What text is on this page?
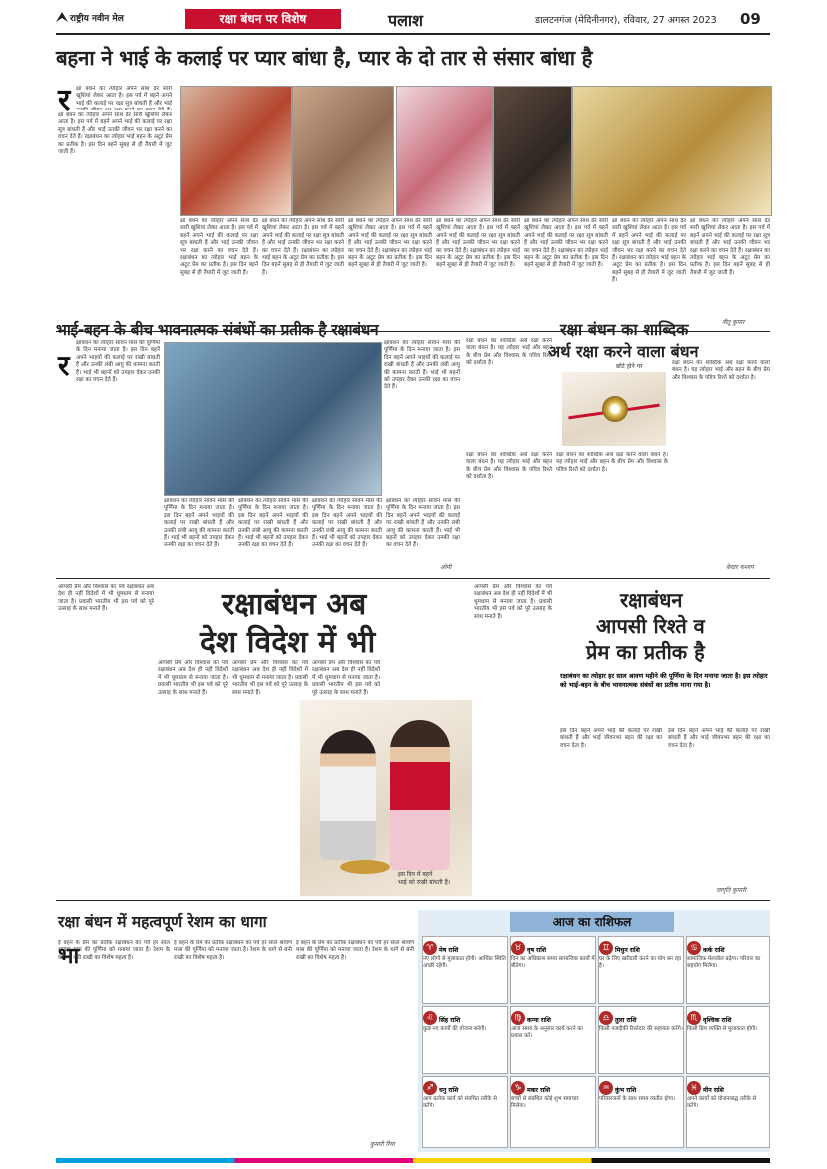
राष्ट्रीय नवीन मेल	रक्षा बंधन पर विशेष	पलाश	डालटनगंज (मेदिनीनगर), रविवार, 27 अगस्त 2023 09
बहना ने भाई के कलाई पर प्यार बांधा है, प्यार के दो तार से संसार बांधा है
र क्षा बंधन का त्योहार अपने साथ ढेर सारी खुशियां लेकर आता है। इस पर्व में बहनें अपने भाई की कलाई पर रक्षा सूत्र बांधती हैं और भाई
क्षा बंधन का त्योहार अपने साथ ढेर सारी खुशियां लेकर आता है। इस पर्व में बहनें अपने भाई की कलाई पर रक्षा सूत्र बांधती हैं और भाई उनकी जीवन भर रक्षा करने का वचन देते हैं। रक्षाबंधन का त्योहार भाई बहन के अटूट प्रेम का प्रतीक है। इस दिन बहनें सुबह से ही तैयारी में जुट जाती हैं।
क्षा बंधन का त्योहार अपने साथ ढेर सारी खुशियां लेकर आता है। इस पर्व में बहनें अपने भाई की कलाई पर रक्षा सूत्र बांधती हैं और भाई उनकी जीवन भर रक्षा करने का वचन देते हैं। रक्षाबंधन का त्योहार भाई बहन के अटूट प्रेम का प्रतीक है। इस दिन बहनें सुबह से ही तैयारी में जुट जाती हैं।
क्षा बंधन का त्योहार अपने साथ ढेर सारी खुशियां लेकर आता है। इस पर्व में बहनें अपने भाई की कलाई पर रक्षा सूत्र बांधती हैं और भाई उनकी जीवन भर रक्षा करने का वचन देते हैं। रक्षाबंधन का त्योहार भाई बहन के अटूट प्रेम का प्रतीक है। इस दिन बहनें सुबह से ही तैयारी में जुट जाती हैं।
क्षा बंधन का त्योहार अपने साथ ढेर सारी खुशियां लेकर आता है। इस पर्व में बहनें अपने भाई की कलाई पर रक्षा सूत्र बांधती हैं और भाई उनकी जीवन भर रक्षा करने का वचन देते हैं। रक्षाबंधन का त्योहार भाई बहन के अटूट प्रेम का प्रतीक है। इस दिन बहनें सुबह से ही तैयारी में जुट जाती हैं।
क्षा बंधन का त्योहार अपने साथ ढेर सारी खुशियां लेकर आता है। इस पर्व में बहनें अपने भाई की कलाई पर रक्षा सूत्र बांधती हैं और भाई उनकी जीवन भर रक्षा करने का वचन देते हैं। रक्षाबंधन का त्योहार भाई बहन के अटूट प्रेम का प्रतीक है। इस दिन बहनें सुबह से ही तैयारी में जुट जाती हैं।
क्षा बंधन का त्योहार अपने साथ ढेर सारी खुशियां लेकर आता है। इस पर्व में बहनें अपने भाई की कलाई पर रक्षा सूत्र बांधती हैं और भाई उनकी जीवन भर रक्षा करने का वचन देते हैं। रक्षाबंधन का त्योहार भाई बहन के अटूट प्रेम का प्रतीक है। इस दिन बहनें सुबह से ही तैयारी में जुट जाती हैं।
क्षा बंधन का त्योहार अपने साथ ढेर सारी खुशियां लेकर आता है। इस पर्व में बहनें अपने भाई की कलाई पर रक्षा सूत्र बांधती हैं और भाई उनकी जीवन भर रक्षा करने का वचन देते हैं। रक्षाबंधन का त्योहार भाई बहन के अटूट प्रेम का प्रतीक है। इस दिन बहनें सुबह से ही तैयारी में जुट जाती हैं।
क्षा बंधन का त्योहार अपने साथ ढेर सारी खुशियां लेकर आता है। इस पर्व में बहनें अपने भाई की कलाई पर रक्षा सूत्र बांधती हैं और भाई उनकी जीवन भर रक्षा करने का वचन देते हैं। रक्षाबंधन का त्योहार भाई बहन के अटूट प्रेम का प्रतीक है। इस दिन बहनें सुबह से ही तैयारी में जुट जाती हैं।
नीतू कुमार
भाई-बहन के बीच भावनात्मक संबंधों का प्रतीक है रक्षाबंधन
र
क्षाबंधन का त्योहार सावन मास की पूर्णिमा के दिन मनाया जाता है। इस दिन बहनें अपने भाइयों की कलाई पर राखी बांधती हैं और उनकी लंबी आयु की कामना करती हैं। भाई भी बहनों को उपहार देकर उनकी रक्षा का वचन देते हैं।
क्षाबंधन का त्योहार सावन मास की पूर्णिमा के दिन मनाया जाता है। इस दिन बहनें अपने भाइयों की कलाई पर राखी बांधती हैं और उनकी लंबी आयु की कामना करती हैं। भाई भी बहनों को उपहार देकर उनकी रक्षा का वचन देते हैं।
क्षाबंधन का त्योहार सावन मास की पूर्णिमा के दिन मनाया जाता है। इस दिन बहनें अपने भाइयों की कलाई पर राखी बांधती हैं और उनकी लंबी आयु की कामना करती हैं। भाई भी बहनों को उपहार देकर उनकी रक्षा का वचन देते हैं।
क्षाबंधन का त्योहार सावन मास की पूर्णिमा के दिन मनाया जाता है। इस दिन बहनें अपने भाइयों की कलाई पर राखी बांधती हैं और उनकी लंबी आयु की कामना करती हैं। भाई भी बहनों को उपहार देकर उनकी रक्षा का वचन देते हैं।
क्षाबंधन का त्योहार सावन मास की पूर्णिमा के दिन मनाया जाता है। इस दिन बहनें अपने भाइयों की कलाई पर राखी बांधती हैं और उनकी लंबी आयु की कामना करती हैं। भाई भी बहनों को उपहार देकर उनकी रक्षा का वचन देते हैं।
क्षाबंधन का त्योहार सावन मास की पूर्णिमा के दिन मनाया जाता है। इस दिन बहनें अपने भाइयों की कलाई पर राखी बांधती हैं और उनकी लंबी आयु की कामना करती हैं। भाई भी बहनों को उपहार देकर उनकी रक्षा का वचन देते हैं।
ओमी
रक्षा बंधन का शाब्दिक अर्थ रक्षा करने वाला बंधन है। यह त्योहार भाई और बहन के बीच प्रेम और विश्वास के पवित्र रिश्ते को दर्शाता है।
रक्षा बंधन का शाब्दिक
अर्थ रक्षा करने वाला बंधन
छोटे होने पर
रक्षा बंधन का शाब्दिक अर्थ रक्षा करने वाला बंधन है। यह त्योहार भाई और बहन के बीच प्रेम और विश्वास के पवित्र रिश्ते को दर्शाता है।
रक्षा बंधन का शाब्दिक अर्थ रक्षा करने वाला बंधन है। यह त्योहार भाई और बहन के बीच प्रेम और विश्वास के पवित्र रिश्ते को दर्शाता है।
रक्षा बंधन का शाब्दिक अर्थ रक्षा करने वाला बंधन है। यह त्योहार भाई और बहन के बीच प्रेम और विश्वास के पवित्र रिश्ते को दर्शाता है।
केदार कश्यप
आपसी प्रेम और विश्वास का पर्व रक्षाबंधन अब देश ही नहीं विदेशों में भी धूमधाम से मनाया जाता है। प्रवासी भारतीय भी इस पर्व को पूरे उत्साह के साथ मनाते हैं।	रक्षाबंधन अब
देश विदेश में भी
आपसी प्रेम और विश्वास का पर्व रक्षाबंधन अब देश ही नहीं विदेशों में भी धूमधाम से मनाया जाता है। प्रवासी भारतीय भी इस पर्व को पूरे उत्साह के साथ मनाते हैं।
आपसी प्रेम और विश्वास का पर्व रक्षाबंधन अब देश ही नहीं विदेशों में भी धूमधाम से मनाया जाता है। प्रवासी भारतीय भी इस पर्व को पूरे उत्साह के साथ मनाते हैं।
आपसी प्रेम और विश्वास का पर्व रक्षाबंधन अब देश ही नहीं विदेशों में भी धूमधाम से मनाया जाता है। प्रवासी भारतीय भी इस पर्व को पूरे उत्साह के साथ मनाते हैं।
इस दिन में बहनें
भाई को राखी बांधती हैं।
आपसी प्रेम और विश्वास का पर्व रक्षाबंधन अब देश ही नहीं विदेशों में भी धूमधाम से मनाया जाता है। प्रवासी भारतीय भी इस पर्व को पूरे उत्साह के साथ मनाते हैं।
रक्षाबंधन
आपसी रिश्ते व
प्रेम का प्रतीक है
रक्षाबंधन का त्योहार हर साल श्रावण महीने की पूर्णिमा के दिन मनाया जाता है। इस त्योहार को भाई-बहन के बीच भावनात्मक संबंधों का प्रतीक माना गया है।
इस दिन बहनें अपने भाई की कलाई पर राखी बांधती हैं और भाई जीवनभर बहन की रक्षा का वचन देता है।
इस दिन बहनें अपने भाई की कलाई पर राखी बांधती हैं और भाई जीवनभर बहन की रक्षा का वचन देता है।
जागृति कुमारी
रक्षा बंधन में महत्वपूर्ण रेशम का धागा
भा
ई बहन के प्रेम का प्रतीक रक्षाबंधन का पर्व हर साल श्रावण मास की पूर्णिमा को मनाया जाता है। रेशम के धागे से बनी राखी का विशेष महत्व है।
ई बहन के प्रेम का प्रतीक रक्षाबंधन का पर्व हर साल श्रावण मास की पूर्णिमा को मनाया जाता है। रेशम के धागे से बनी राखी का विशेष महत्व है।
ई बहन के प्रेम का प्रतीक रक्षाबंधन का पर्व हर साल श्रावण मास की पूर्णिमा को मनाया जाता है। रेशम के धागे से बनी राखी का विशेष महत्व है।
कुमारी रिया
आज का राशिफल
♈ मेष राशि
नए लोगों से मुलाकात होगी। आर्थिक स्थिति अच्छी रहेगी।
♉ वृष राशि
दिन का अधिकांश समय सामाजिक कार्यों में बीतेगा।
♊ मिथुन राशि
घर के लिए खरीदारी करने का योग बन रहा है।
♋ कर्क राशि
सामाजिक मेलजोल बढ़ेगा। परिवार का सहयोग मिलेगा।
♌ सिंह राशि
कुछ नए कार्यों की योजना बनेगी।
♍ कन्या राशि
आज समय के अनुसार कार्य करने का प्रयास करें।
♎ तुला राशि
किसी नजदीकी रिश्तेदार की सहायता करेंगे।
♏ वृश्चिक राशि
किसी प्रिय व्यक्ति से मुलाकात होगी।
♐ धनु राशि
आप प्रत्येक कार्य को संयमित तरीके से करेंगे।
♑ मकर राशि
बच्चों से संबंधित कोई शुभ समाचार मिलेगा।
♒ कुंभ राशि
परिवारजनों के साथ समय व्यतीत होगा।
♓ मीन राशि
अपने कार्यों को योजनाबद्ध तरीके से करेंगे।
